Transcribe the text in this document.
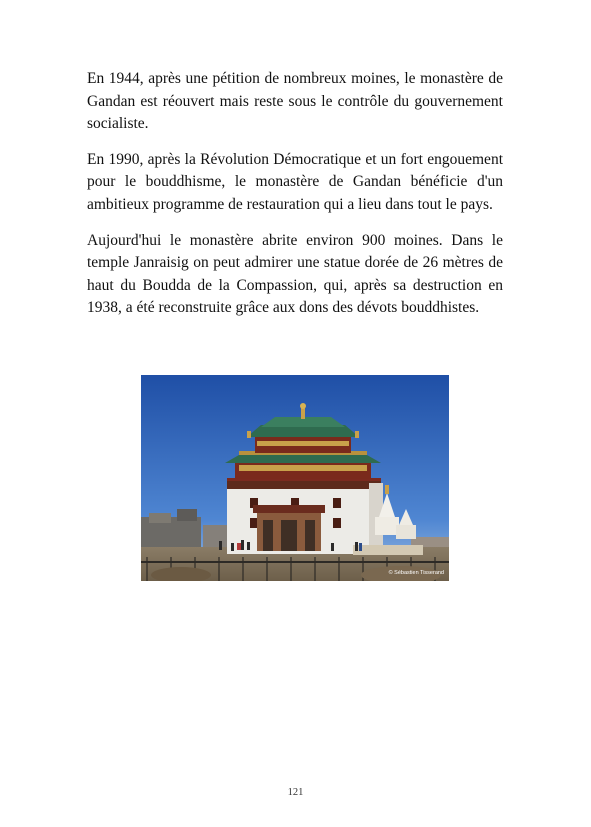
En 1944, après une pétition de nombreux moines, le monastère de Gandan est réouvert mais reste sous le contrôle du gouvernement socialiste.

En 1990, après la Révolution Démocratique et un fort engouement pour le bouddhisme, le monastère de Gandan bénéficie d'un ambitieux programme de restauration qui a lieu dans tout le pays.

Aujourd'hui le monastère abrite environ 900 moines. Dans le temple Janraisig on peut admirer une statue dorée de 26 mètres de haut du Boudda de la Compassion, qui, après sa destruction en 1938, a été reconstruite grâce aux dons des dévots bouddhistes.

© Sébastien Tisserand
121
